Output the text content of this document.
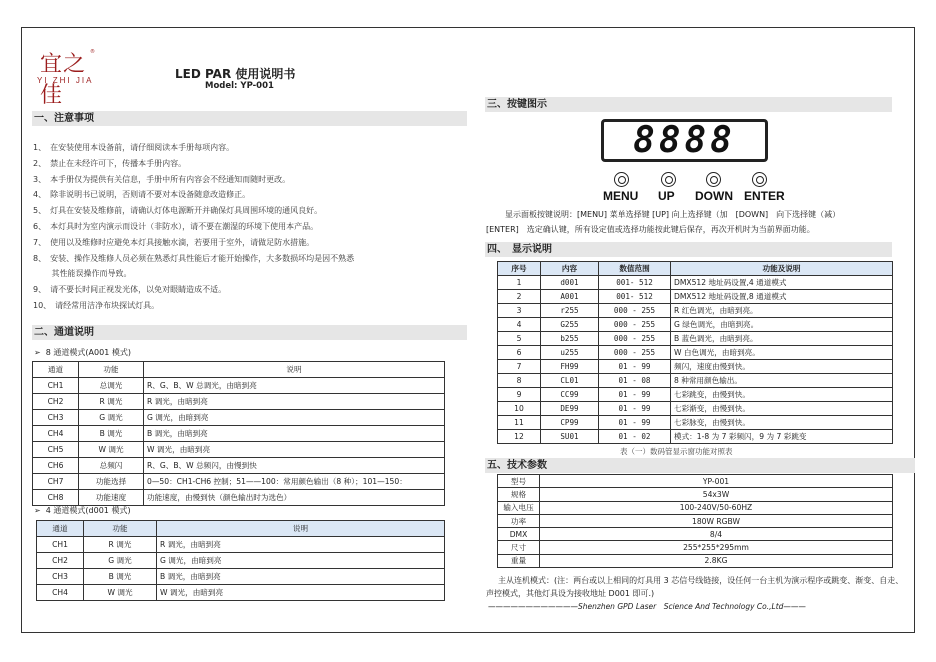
宜之佳
®
YI ZHI JIA	LED PAR 使用说明书
Model: YP-001
一、注意事项
1、　在安装使用本设备前，请仔细阅读本手册每项内容。
2、　禁止在未经许可下，传播本手册内容。
3、　本手册仅为提供有关信息，手册中所有内容会不经通知而随时更改。
4、　除非说明书已说明，否则请不要对本设备随意改造修正。
5、　灯具在安装及维修前，请确认灯体电源断开并确保灯具周围环境的通风良好。
6、　本灯具时为室内演示而设计（非防水），请不要在潮湿的环境下使用本产品。
7、　使用以及维修时应避免本灯具接触水滴，若要用于室外，请做足防水措施。
8、　安装、操作及维修人员必须在熟悉灯具性能后才能开始操作，大多数损坏均是因不熟悉
　　 其性能误操作而导致。
9、　请不要长时间正视发光体，以免对眼睛造成不适。
10、　请经常用洁净布块探试灯具。
二、通道说明
➢ 8 通道模式(A001 模式)
通道	功能	说明
CH1	总调光	R、G、B、W 总调光，由暗到亮
CH2	R 调光	R 调光，由暗到亮
CH3	G 调光	G 调光，由暗到亮
CH4	B 调光	B 调光，由暗到亮
CH5	W 调光	W 调光，由暗到亮
CH6	总频闪	R、G、B、W 总频闪，由慢到快
CH7	功能选择	0—50：CH1-CH6 控制；51——100：常用颜色输出（8 种）；101—150：
CH8	功能速度	功能速度，由慢到快（颜色输出时为选色）
➢ 4 通道模式(d001 模式)
通道	功能	说明
CH1	R 调光	R 调光，由暗到亮
CH2	G 调光	G 调光，由暗到亮
CH3	B 调光	B 调光，由暗到亮
CH4	W 调光	W 调光，由暗到亮
三、按键图示
8888
MENU UP DOWN ENTER
显示面板按键说明：[MENU] 菜单选择键 [UP] 向上选择键（加　[DOWN]　向下选择键（减）
[ENTER]　选定确认键，所有设定值或选择功能按此键后保存，再次开机时为当前界面功能。
四、　显示说明
序号	内容	数值范围	功能及说明
1	d001	001- 512	DMX512 地址码设置,4 通道模式
2	A001	001- 512	DMX512 地址码设置,8 通道模式
3	r255	000 - 255	R 红色调光，由暗到亮。
4	G255	000 - 255	G 绿色调光，由暗到亮。
5	b255	000 - 255	B 蓝色调光，由暗到亮。
6	u255	000 - 255	W 白色调光，由暗到亮。
7	FH99	01 - 99	频闪，速度由慢到快。
8	CL01	01 - 08	8 种常用颜色输出。
9	CC99	01 - 99	七彩跳变，由慢到快。
10	DE99	01 - 99	七彩渐变，由慢到快。
11	CP99	01 - 99	七彩脉变，由慢到快。
12	SU01	01 - 02	模式：1-8 为 7 彩频闪，9 为 7 彩跳变
表（一）数码管显示窗功能对照表
五、技术参数
型号	YP-001
规格	54x3W
输入电压	100-240V/50-60HZ
功率	180W RGBW
DMX	8/4
尺寸	255*255*295mm
重量	2.8KG
主从连机模式：(注：两台或以上相同的灯具用 3 芯信号线链接，设任何一台主机为演示程序或跳变、渐变、自走、声控模式，其他灯具设为接收地址 D001 即可.)
————————————Shenzhen GPD Laser　Science And Technology Co.,Ltd———
